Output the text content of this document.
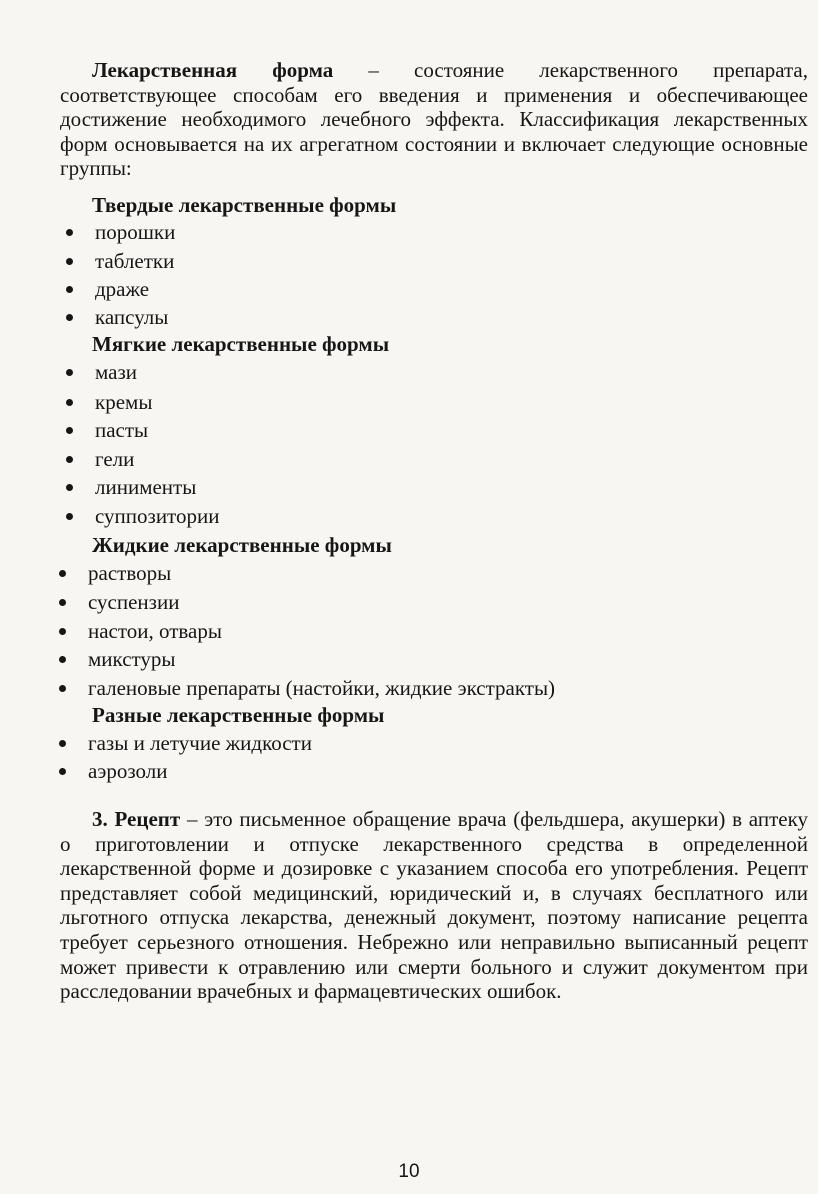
Лекарственная форма – состояние лекарственного препарата, соответствующее способам его введения и применения и обеспечивающее достижение необходимого лечебного эффекта. Классификация лекарственных форм основывается на их агрегатном состоянии и включает следующие основные группы:
Твердые лекарственные формы
порошки
таблетки
драже
капсулы
Мягкие лекарственные формы
мази
кремы
пасты
гели
линименты
суппозитории
Жидкие лекарственные формы
растворы
суспензии
настои, отвары
микстуры
галеновые препараты (настойки, жидкие экстракты)
Разные лекарственные формы
газы и летучие жидкости
аэрозоли

3. Рецепт – это письменное обращение врача (фельдшера, акушерки) в аптеку о приготовлении и отпуске лекарственного средства в определенной лекарственной форме и дозировке с указанием способа его употребления. Рецепт представляет собой медицинский, юридический и, в случаях бесплатного или льготного отпуска лекарства, денежный документ, поэтому написание рецепта требует серьезного отношения. Небрежно или неправильно выписанный рецепт может привести к отравлению или смерти больного и служит документом при расследовании врачебных и фармацевтических ошибок.

10
